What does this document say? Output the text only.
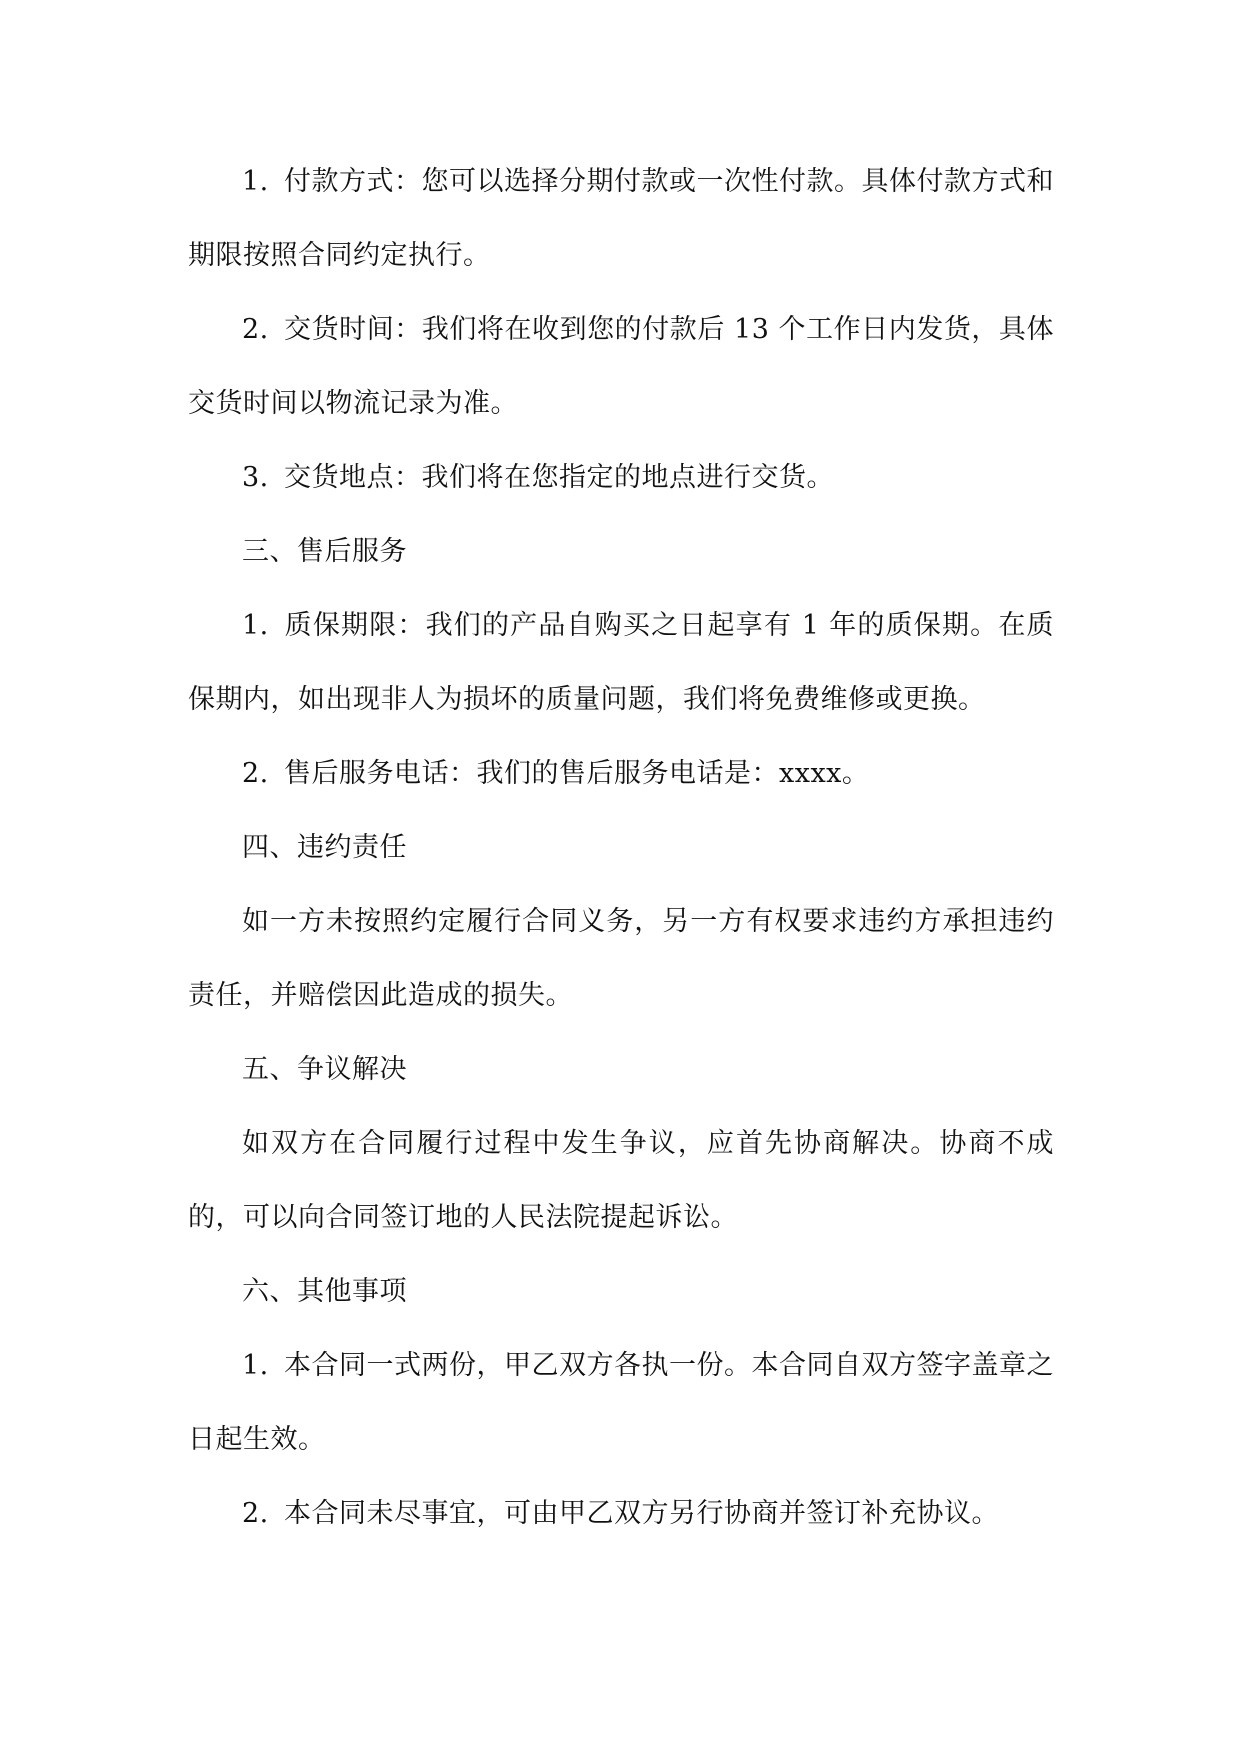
1. 付款方式：您可以选择分期付款或一次性付款。具体付款方式和期限按照合同约定执行。

2. 交货时间：我们将在收到您的付款后 13 个工作日内发货，具体交货时间以物流记录为准。

3. 交货地点：我们将在您指定的地点进行交货。

三、售后服务

1. 质保期限：我们的产品自购买之日起享有 1 年的质保期。在质保期内，如出现非人为损坏的质量问题，我们将免费维修或更换。

2. 售后服务电话：我们的售后服务电话是：xxxx。

四、违约责任

如一方未按照约定履行合同义务，另一方有权要求违约方承担违约责任，并赔偿因此造成的损失。

五、争议解决

如双方在合同履行过程中发生争议，应首先协商解决。协商不成的，可以向合同签订地的人民法院提起诉讼。

六、其他事项

1. 本合同一式两份，甲乙双方各执一份。本合同自双方签字盖章之日起生效。

2. 本合同未尽事宜，可由甲乙双方另行协商并签订补充协议。
